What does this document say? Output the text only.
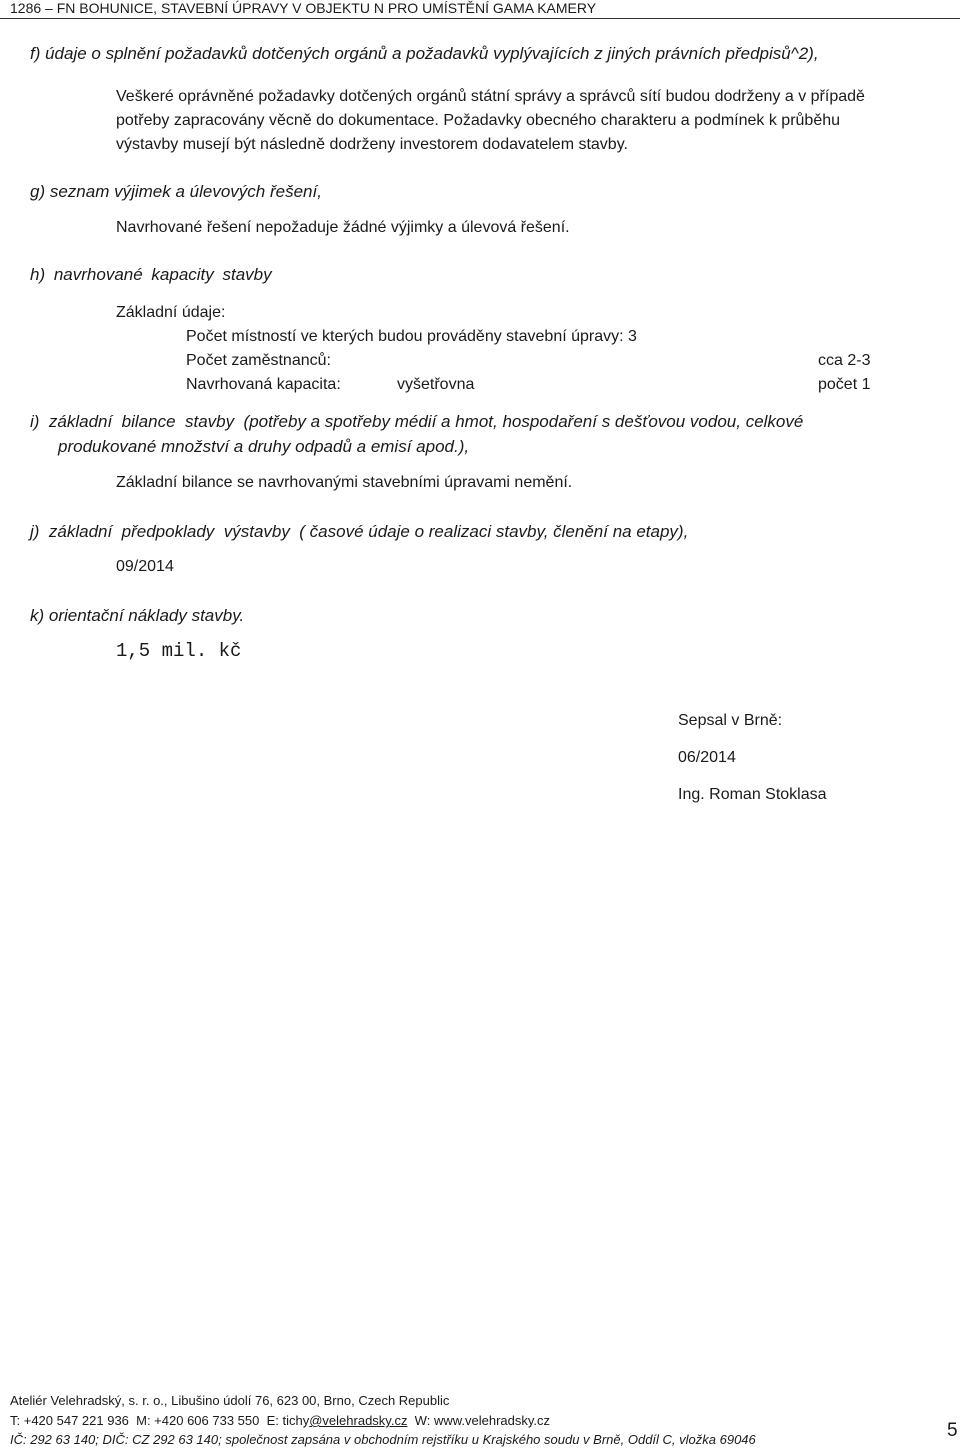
1286 – FN BOHUNICE, STAVEBNÍ ÚPRAVY V OBJEKTU N PRO UMÍSTĚNÍ GAMA KAMERY
f) údaje o splnění požadavků dotčených orgánů a požadavků vyplývajících z jiných právních předpisů^2),
Veškeré oprávněné požadavky dotčených orgánů státní správy a správců sítí budou dodrženy a v případě
potřeby zapracovány věcně do dokumentace. Požadavky obecného charakteru a podmínek k průběhu
výstavby musejí být následně dodrženy investorem dodavatelem stavby.
g) seznam výjimek a úlevových řešení,
Navrhované řešení nepožaduje žádné výjimky a úlevová řešení.
h) navrhované kapacity stavby
Základní údaje:
Počet místností ve kterých budou prováděny stavební úpravy: 3
Počet zaměstnanců:	cca 2-3
Navrhovaná kapacita:	vyšetřovna	počet 1
i)  základní  bilance  stavby  (potřeby a spotřeby médií a hmot, hospodaření s dešťovou vodou, celkové
produkované množství a druhy odpadů a emisí apod.),
Základní bilance se navrhovanými stavebními úpravami nemění.
j)  základní  předpoklady  výstavby  ( časové údaje o realizaci stavby, členění na etapy),
09/2014
k) orientační náklady stavby.
1,5 mil. kč
Sepsal v Brně:
06/2014
Ing. Roman Stoklasa
Ateliér Velehradský, s. r. o., Libušino údolí 76, 623 00, Brno, Czech Republic
T: +420 547 221 936  M: +420 606 733 550  E: tichy@velehradsky.cz  W: www.velehradsky.cz
IČ: 292 63 140; DIČ: CZ 292 63 140; společnost zapsána v obchodním rejstříku u Krajského soudu v Brně, Oddíl C, vložka 69046	5
